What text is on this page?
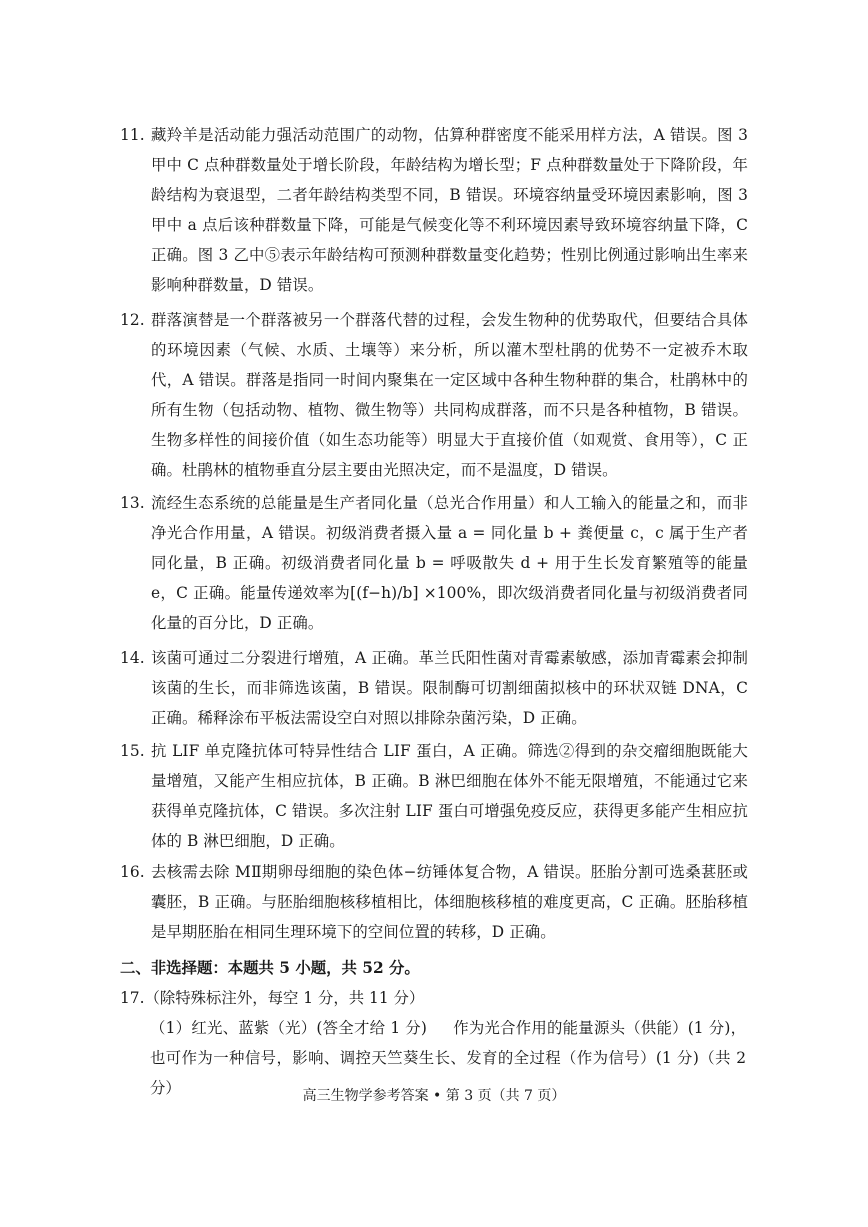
11. 藏羚羊是活动能力强活动范围广的动物，估算种群密度不能采用样方法，A 错误。图 3 甲中 C 点种群数量处于增长阶段，年龄结构为增长型；F 点种群数量处于下降阶段，年龄结构为衰退型，二者年龄结构类型不同，B 错误。环境容纳量受环境因素影响，图 3 甲中 a 点后该种群数量下降，可能是气候变化等不利环境因素导致环境容纳量下降，C 正确。图 3 乙中⑤表示年龄结构可预测种群数量变化趋势；性别比例通过影响出生率来影响种群数量，D 错误。
12. 群落演替是一个群落被另一个群落代替的过程，会发生物种的优势取代，但要结合具体的环境因素（气候、水质、土壤等）来分析，所以灌木型杜鹃的优势不一定被乔木取代，A 错误。群落是指同一时间内聚集在一定区域中各种生物种群的集合，杜鹃林中的所有生物（包括动物、植物、微生物等）共同构成群落，而不只是各种植物，B 错误。生物多样性的间接价值（如生态功能等）明显大于直接价值（如观赏、食用等），C 正确。杜鹃林的植物垂直分层主要由光照决定，而不是温度，D 错误。
13. 流经生态系统的总能量是生产者同化量（总光合作用量）和人工输入的能量之和，而非净光合作用量，A 错误。初级消费者摄入量 a = 同化量 b + 粪便量 c，c 属于生产者同化量，B 正确。初级消费者同化量 b = 呼吸散失 d + 用于生长发育繁殖等的能量 e，C 正确。能量传递效率为[(f−h)/b] ×100%，即次级消费者同化量与初级消费者同化量的百分比，D 正确。
14. 该菌可通过二分裂进行增殖，A 正确。革兰氏阳性菌对青霉素敏感，添加青霉素会抑制该菌的生长，而非筛选该菌，B 错误。限制酶可切割细菌拟核中的环状双链 DNA，C 正确。稀释涂布平板法需设空白对照以排除杂菌污染，D 正确。
15. 抗 LIF 单克隆抗体可特异性结合 LIF 蛋白，A 正确。筛选②得到的杂交瘤细胞既能大量增殖，又能产生相应抗体，B 正确。B 淋巴细胞在体外不能无限增殖，不能通过它来获得单克隆抗体，C 错误。多次注射 LIF 蛋白可增强免疫反应，获得更多能产生相应抗体的 B 淋巴细胞，D 正确。
16. 去核需去除 MⅡ期卵母细胞的染色体−纺锤体复合物，A 错误。胚胎分割可选桑葚胚或囊胚，B 正确。与胚胎细胞核移植相比，体细胞核移植的难度更高，C 正确。胚胎移植是早期胚胎在相同生理环境下的空间位置的转移，D 正确。
二、非选择题：本题共 5 小题，共 52 分。
17.（除特殊标注外，每空 1 分，共 11 分）
（1）红光、蓝紫（光）(答全才给 1 分) 作为光合作用的能量源头（供能）(1 分)，也可作为一种信号，影响、调控天竺葵生长、发育的全过程（作为信号）(1 分)（共 2 分）	高三生物学参考答案 • 第 3 页（共 7 页）
